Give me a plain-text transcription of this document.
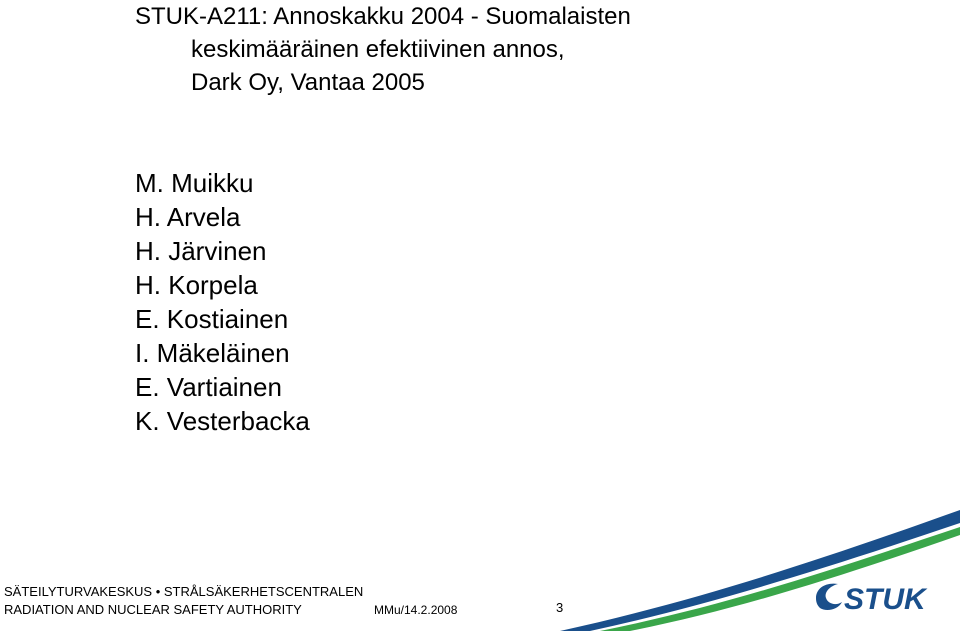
STUK-A211: Annoskakku 2004 - Suomalaisten
keskimääräinen efektiivinen annos,
Dark Oy, Vantaa 2005
M. Muikku
H. Arvela
H. Järvinen
H. Korpela
E. Kostiainen
I. Mäkeläinen
E. Vartiainen
K. Vesterbacka
STUK
SÄTEILYTURVAKESKUS • STRÅLSÄKERHETSCENTRALEN
RADIATION AND NUCLEAR SAFETY AUTHORITY	MMu/14.2.2008	3
